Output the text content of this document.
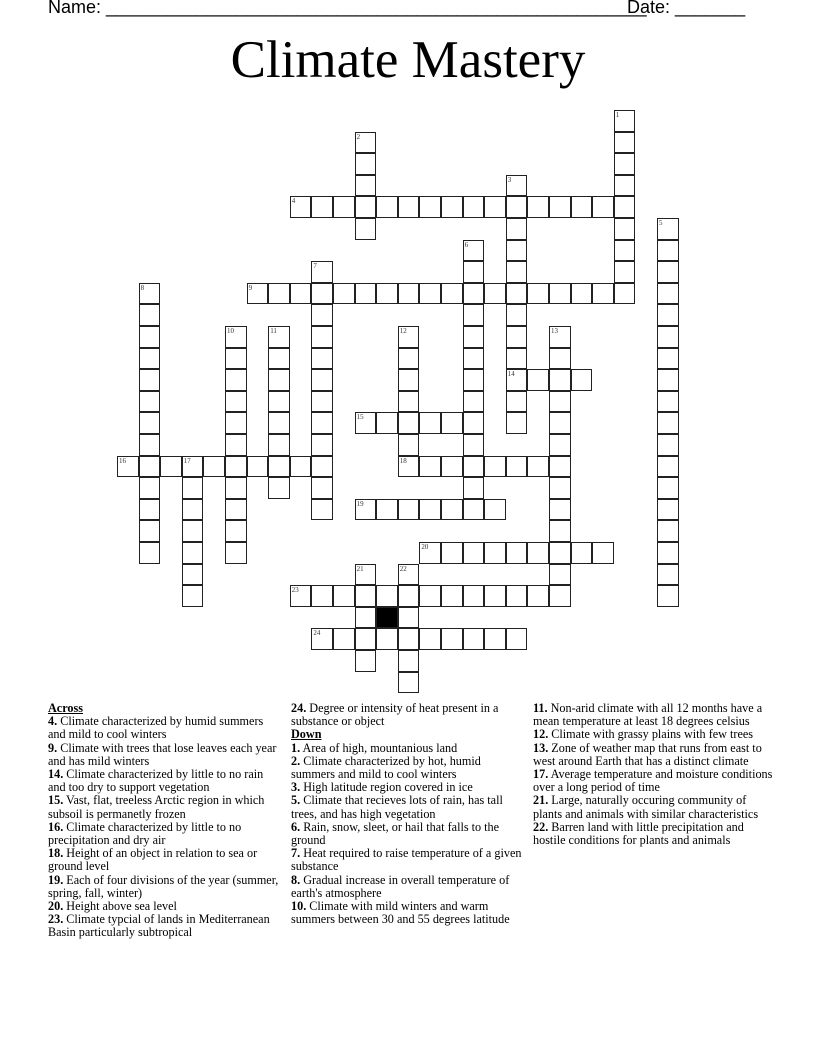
Name: ______________________________________________________
Date: _______
Climate Mastery
1
2
3
14
4
5
6
7
8	9
10	11	12
18
13
15
16	17
19
20
21	22
23
24
Across
4. Climate characterized by humid summers and mild to cool winters
9. Climate with trees that lose leaves each year and has mild winters
14. Climate characterized by little to no rain and too dry to support vegetation
15. Vast, flat, treeless Arctic region in which subsoil is permanetly frozen
16. Climate characterized by little to no precipitation and dry air
18. Height of an object in relation to sea or ground level
19. Each of four divisions of the year (summer, spring, fall, winter)
20. Height above sea level
23. Climate typcial of lands in Mediterranean Basin particularly subtropical
24. Degree or intensity of heat present in a substance or object
Down
1. Area of high, mountanious land
2. Climate characterized by hot, humid summers and mild to cool winters
3. High latitude region covered in ice
5. Climate that recieves lots of rain, has tall trees, and has high vegetation
6. Rain, snow, sleet, or hail that falls to the ground
7. Heat required to raise temperature of a given substance
8. Gradual increase in overall temperature of earth's atmosphere
10. Climate with mild winters and warm summers between 30 and 55 degrees latitude
11. Non-arid climate with all 12 months have a mean temperature at least 18 degrees celsius
12. Climate with grassy plains with few trees
13. Zone of weather map that runs from east to west around Earth that has a distinct climate
17. Average temperature and moisture conditions over a long period of time
21. Large, naturally occuring community of plants and animals with similar characteristics
22. Barren land with little precipitation and hostile conditions for plants and animals
